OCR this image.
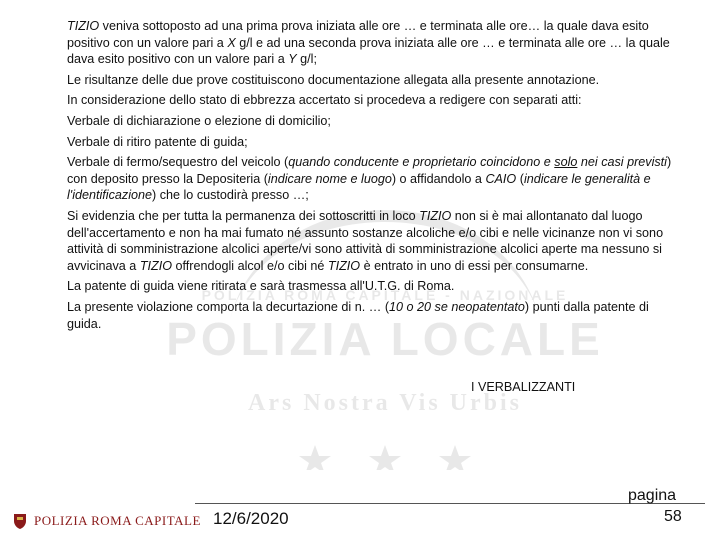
POLIZIA ROMA CAPITALE - NAZIONALE
POLIZIA LOCALE
Ars Nostra Vis Urbis

TIZIO veniva sottoposto ad una prima prova iniziata alle ore … e terminata alle ore… la quale dava esito positivo con un valore pari a X g/l e ad una seconda prova iniziata alle ore … e terminata alle ore … la quale dava esito positivo con un valore pari a Y g/l;

Le risultanze delle due prove costituiscono documentazione allegata alla presente annotazione.

In considerazione dello stato di ebbrezza accertato si procedeva a redigere con separati atti:

Verbale di dichiarazione o elezione di domicilio;

Verbale di ritiro patente di guida;

Verbale di fermo/sequestro del veicolo (quando conducente e proprietario coincidono e solo nei casi previsti) con deposito presso la Depositeria (indicare nome e luogo) o affidandolo a CAIO (indicare le generalità e l'identificazione) che lo custodirà presso …;

Si evidenzia che per tutta la permanenza dei sottoscritti in loco TIZIO non si è mai allontanato dal luogo dell'accertamento e non ha mai fumato né assunto sostanze alcoliche e/o cibi e nelle vicinanze non vi sono attività di somministrazione alcolici aperte/vi sono attività di somministrazione alcolici aperte ma nessuno si avvicinava a TIZIO offrendogli alcol e/o cibi né TIZIO è entrato in uno di essi per consumarne.

La patente di guida viene ritirata e sarà trasmessa all'U.T.G. di Roma.

La presente violazione comporta la decurtazione di n. … (10 o 20 se neopatentato) punti dalla patente di guida.

I VERBALIZZANTI
POLIZIA ROMA CAPITALE 12/6/2020
pagina
58
